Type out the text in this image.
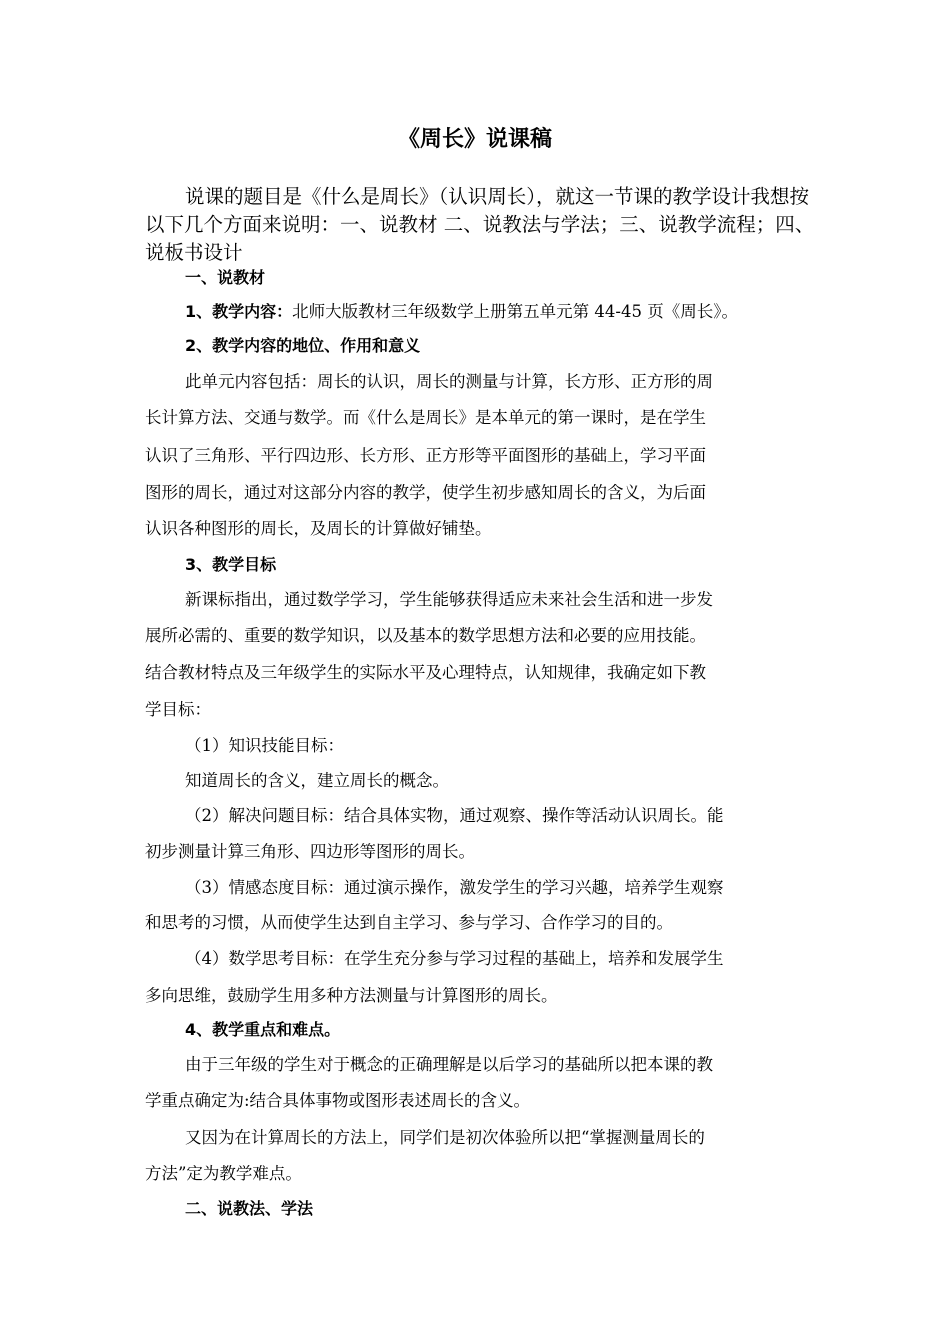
《周长》说课稿
说课的题目是《什么是周长》（认识周长），就这一节课的教学设计我想按以下几个方面来说明：一、说教材 二、说教法与学法；三、说教学流程；四、说板书设计
一、说教材
1、教学内容：北师大版教材三年级数学上册第五单元第 44-45 页《周长》。
2、教学内容的地位、作用和意义
此单元内容包括：周长的认识，周长的测量与计算，长方形、正方形的周
长计算方法、交通与数学。而《什么是周长》是本单元的第一课时，是在学生
认识了三角形、平行四边形、长方形、正方形等平面图形的基础上，学习平面
图形的周长，通过对这部分内容的教学，使学生初步感知周长的含义，为后面
认识各种图形的周长，及周长的计算做好铺垫。
3、教学目标
新课标指出，通过数学学习，学生能够获得适应未来社会生活和进一步发
展所必需的、重要的数学知识，以及基本的数学思想方法和必要的应用技能。
结合教材特点及三年级学生的实际水平及心理特点，认知规律，我确定如下教
学目标：
（1）知识技能目标：
知道周长的含义，建立周长的概念。
（2）解决问题目标：结合具体实物，通过观察、操作等活动认识周长。能
初步测量计算三角形、四边形等图形的周长。
（3）情感态度目标：通过演示操作，激发学生的学习兴趣，培养学生观察
和思考的习惯，从而使学生达到自主学习、参与学习、合作学习的目的。
（4）数学思考目标：在学生充分参与学习过程的基础上，培养和发展学生
多向思维，鼓励学生用多种方法测量与计算图形的周长。
4、教学重点和难点。
由于三年级的学生对于概念的正确理解是以后学习的基础所以把本课的教
学重点确定为:结合具体事物或图形表述周长的含义。
又因为在计算周长的方法上，同学们是初次体验所以把“掌握测量周长的
方法”定为教学难点。
二、说教法、学法
